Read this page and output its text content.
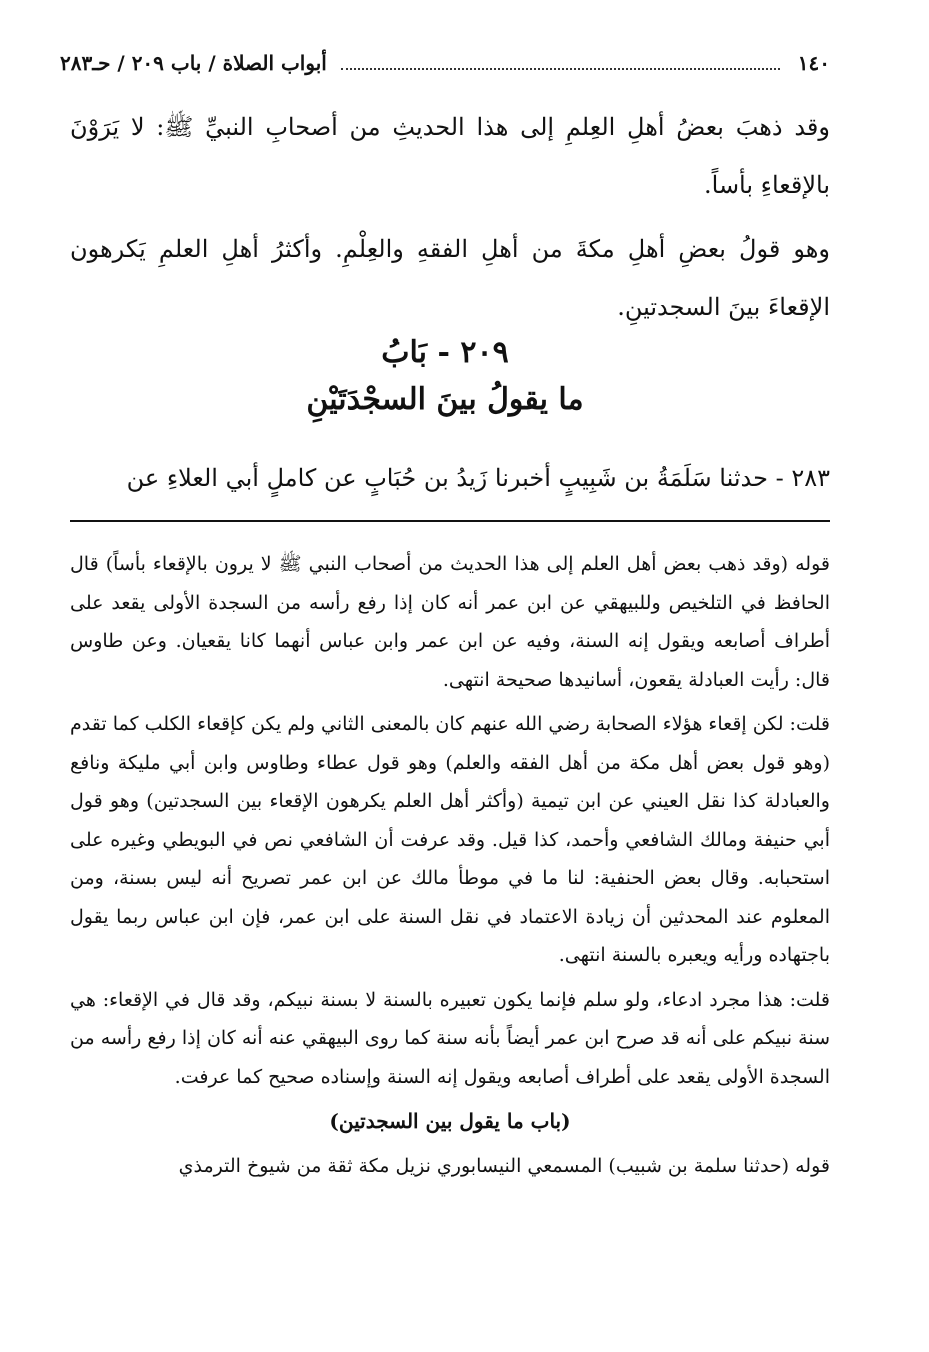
١٤٠
أبواب الصلاة / باب ٢٠٩ / حـ٢٨٣

وقد ذهبَ بعضُ أهلِ العِلمِ إلى هذا الحديثِ من أصحابِ النبيِّ ﷺ: لا يَرَوْنَ بالإقعاءِ بأساً.

وهو قولُ بعضِ أهلِ مكةَ من أهلِ الفقهِ والعِلْمِ. وأكثرُ أهلِ العلمِ يَكرهون الإقعاءَ بينَ السجدتينِ.

٢٠٩ - بَابُ
ما يقولُ بينَ السجْدَتَيْنِ
٢٨٣ - حدثنا سَلَمَةُ بن شَبِيبٍ أخبرنا زَيدُ بن حُبَابٍ عن كاملٍ أبي العلاءِ عن

قوله (وقد ذهب بعض أهل العلم إلى هذا الحديث من أصحاب النبي ﷺ لا يرون بالإقعاء بأساً) قال الحافظ في التلخيص وللبيهقي عن ابن عمر أنه كان إذا رفع رأسه من السجدة الأولى يقعد على أطراف أصابعه ويقول إنه السنة، وفيه عن ابن عمر وابن عباس أنهما كانا يقعيان. وعن طاوس قال: رأيت العبادلة يقعون، أسانيدها صحيحة انتهى.

قلت: لكن إقعاء هؤلاء الصحابة رضي الله عنهم كان بالمعنى الثاني ولم يكن كإقعاء الكلب كما تقدم (وهو قول بعض أهل مكة من أهل الفقه والعلم) وهو قول عطاء وطاوس وابن أبي مليكة ونافع والعبادلة كذا نقل العيني عن ابن تيمية (وأكثر أهل العلم يكرهون الإقعاء بين السجدتين) وهو قول أبي حنيفة ومالك الشافعي وأحمد، كذا قيل. وقد عرفت أن الشافعي نص في البويطي وغيره على استحبابه. وقال بعض الحنفية: لنا ما في موطأ مالك عن ابن عمر تصريح أنه ليس بسنة، ومن المعلوم عند المحدثين أن زيادة الاعتماد في نقل السنة على ابن عمر، فإن ابن عباس ربما يقول باجتهاده ورأيه ويعبره بالسنة انتهى.

قلت: هذا مجرد ادعاء، ولو سلم فإنما يكون تعبيره بالسنة لا بسنة نبيكم، وقد قال في الإقعاء: هي سنة نبيكم على أنه قد صرح ابن عمر أيضاً بأنه سنة كما روى البيهقي عنه أنه كان إذا رفع رأسه من السجدة الأولى يقعد على أطراف أصابعه ويقول إنه السنة وإسناده صحيح كما عرفت.

(باب ما يقول بين السجدتين)

قوله (حدثنا سلمة بن شبيب) المسمعي النيسابوري نزيل مكة ثقة من شيوخ الترمذي
